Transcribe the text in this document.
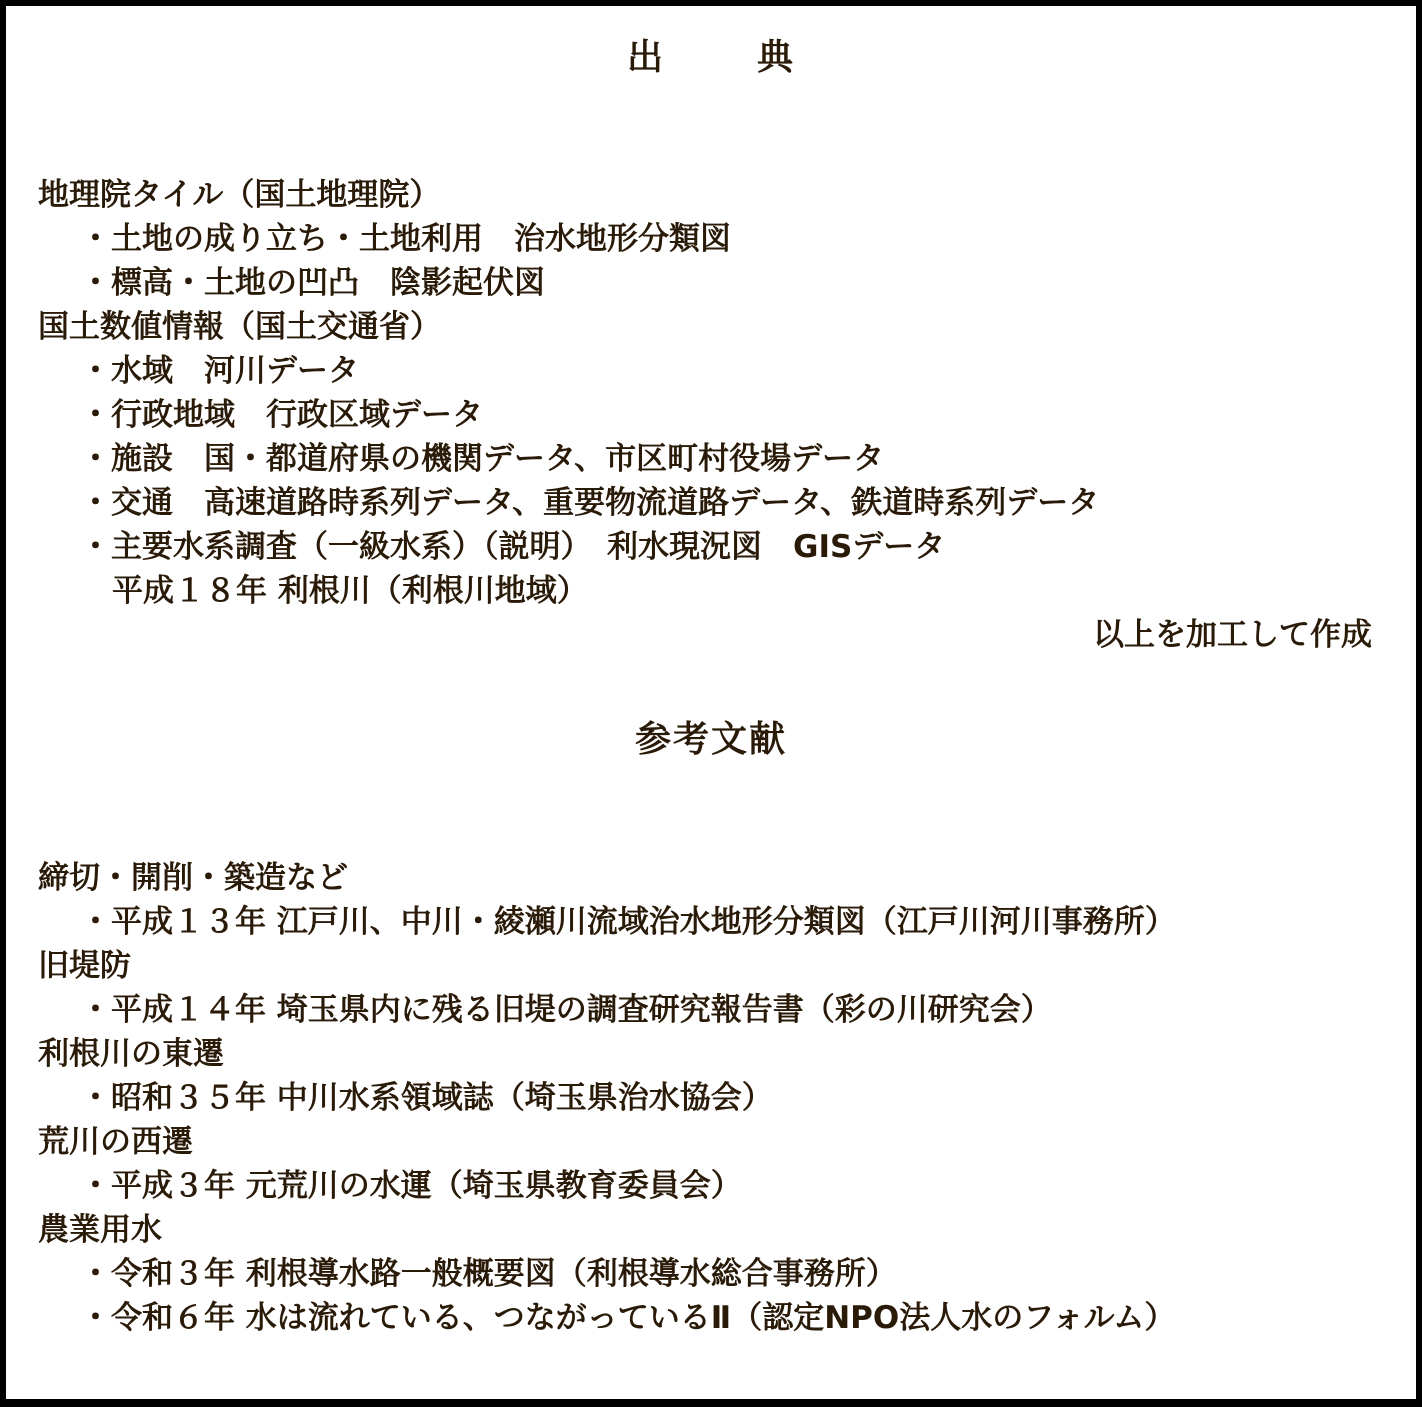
出	典
地理院タイル（国土地理院）
・土地の成り立ち・土地利用　治水地形分類図
・標高・土地の凹凸　陰影起伏図
国土数値情報（国土交通省）
・水域　河川データ
・行政地域　行政区域データ
・施設　国・都道府県の機関データ、市区町村役場データ
・交通　高速道路時系列データ、重要物流道路データ、鉄道時系列データ
・主要水系調査（一級水系）（説明）　利水現況図　GISデータ
平成１８年 利根川（利根川地域）
以上を加工して作成
参考文献
締切・開削・築造など
・平成１３年 江戸川、中川・綾瀬川流域治水地形分類図（江戸川河川事務所）
旧堤防
・平成１４年 埼玉県内に残る旧堤の調査研究報告書（彩の川研究会）
利根川の東遷
・昭和３５年 中川水系領域誌（埼玉県治水協会）
荒川の西遷
・平成３年 元荒川の水運（埼玉県教育委員会）
農業用水
・令和３年 利根導水路一般概要図（利根導水総合事務所）
・令和６年 水は流れている、つながっているⅡ（認定NPO法人水のフォルム）
